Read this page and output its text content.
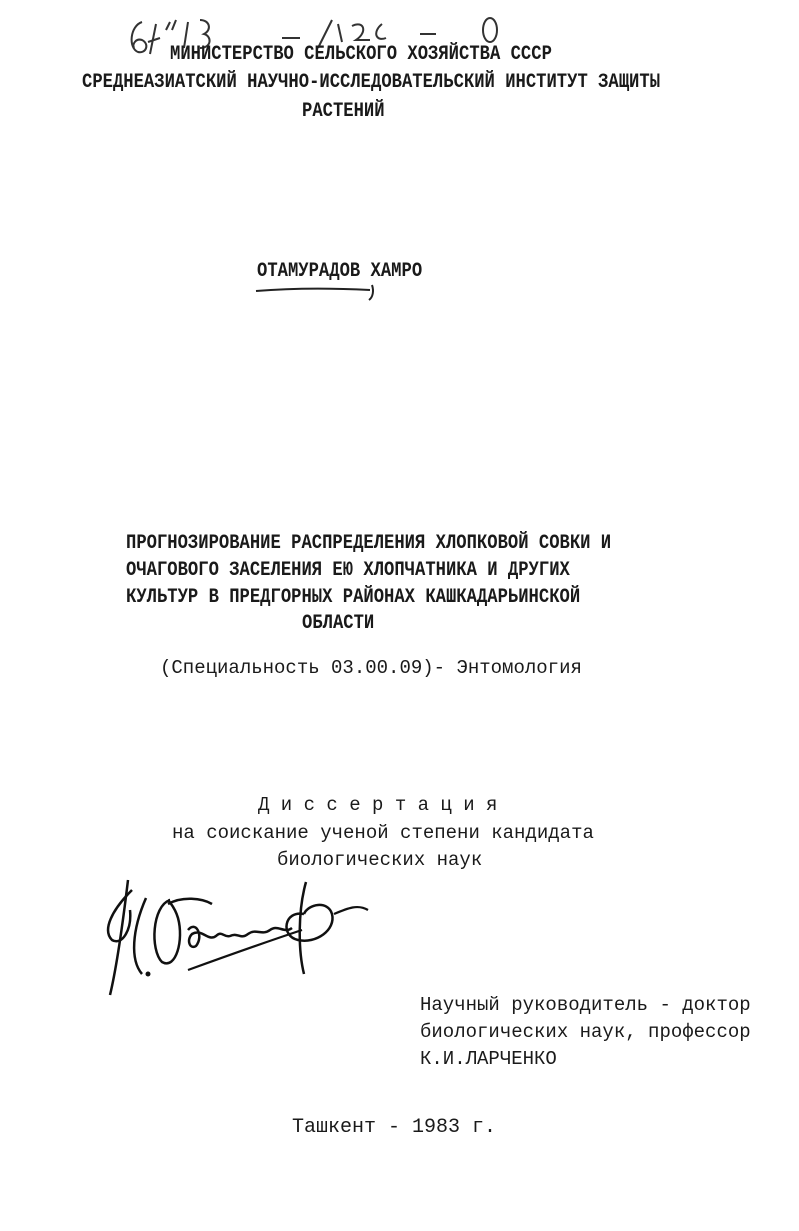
МИНИСТЕРСТВО СЕЛЬСКОГО ХОЗЯЙСТВА СССР
СРЕДНЕАЗИАТСКИЙ НАУЧНО-ИССЛЕДОВАТЕЛЬСКИЙ ИНСТИТУТ ЗАЩИТЫ
РАСТЕНИЙ
ОТАМУРАДОВ ХАМРО
ПРОГНОЗИРОВАНИЕ РАСПРЕДЕЛЕНИЯ ХЛОПКОВОЙ СОВКИ И
ОЧАГОВОГО ЗАСЕЛЕНИЯ ЕЮ ХЛОПЧАТНИКА И ДРУГИХ
КУЛЬТУР В ПРЕДГОРНЫХ РАЙОНАХ КАШКАДАРЬИНСКОЙ
ОБЛАСТИ
(Специальность 03.00.09)- Энтомология
Д и с с е р т а ц и я
на соискание ученой степени кандидата
биологических наук
Научный руководитель - доктор
биологических наук, профессор
К.И.ЛАРЧЕНКО
Ташкент - 1983 г.
